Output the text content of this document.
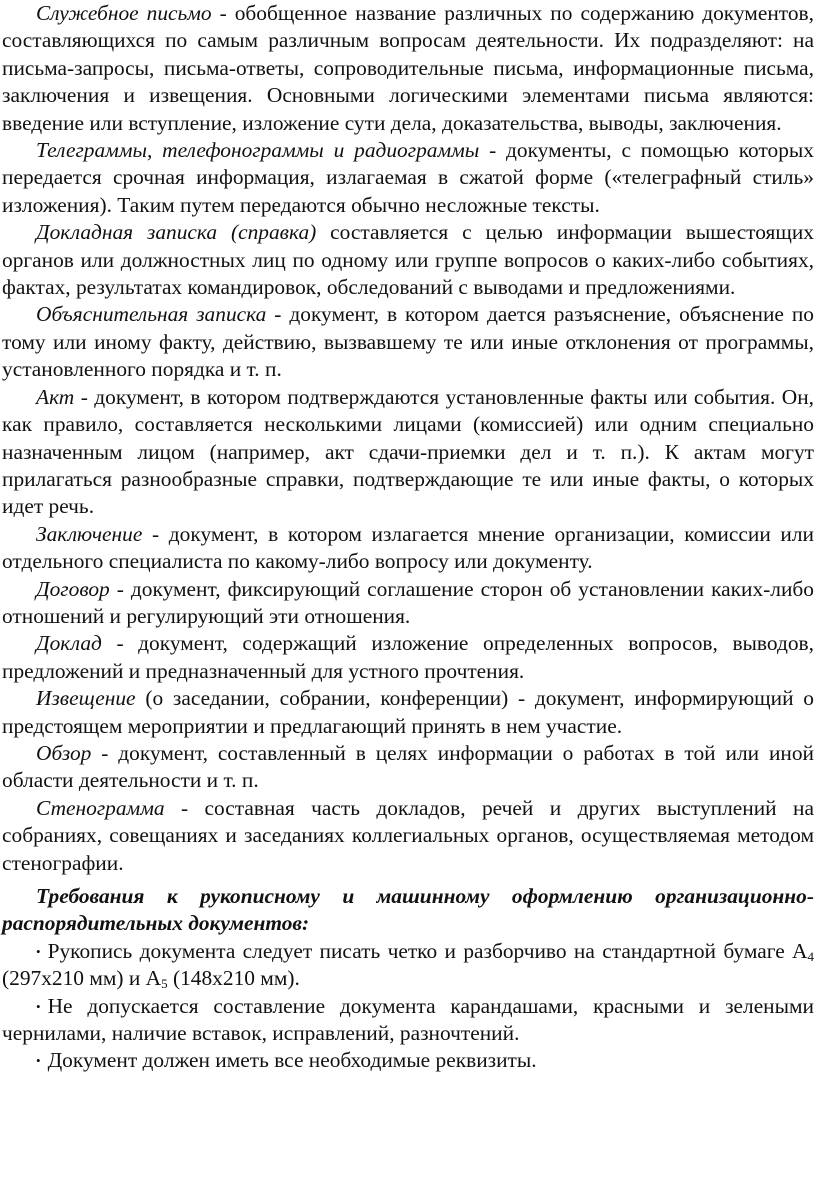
Служебное письмо - обобщенное название различных по содержанию документов, составляющихся по самым различным вопросам деятельности. Их подразделяют: на письма-запросы, письма-ответы, сопроводительные письма, информационные письма, заключения и извещения. Основными логическими элементами письма являются: введение или вступление, изложение сути дела, доказательства, выводы, заключения.

Телеграммы, телефонограммы и радиограммы - документы, с помощью которых передается срочная информация, излагаемая в сжатой форме («телеграфный стиль» изложения). Таким путем передаются обычно несложные тексты.

Докладная записка (справка) составляется с целью информации вышестоящих органов или должностных лиц по одному или группе вопросов о каких-либо событиях, фактах, результатах командировок, обследований с выводами и предложениями.

Объяснительная записка - документ, в котором дается разъяснение, объяснение по тому или иному факту, действию, вызвавшему те или иные отклонения от программы, установленного порядка и т. п.

Акт - документ, в котором подтверждаются установленные факты или события. Он, как правило, составляется несколькими лицами (комиссией) или одним специально назначенным лицом (например, акт сдачи-приемки дел и т. п.). К актам могут прилагаться разнообразные справки, подтверждающие те или иные факты, о которых идет речь.

Заключение - документ, в котором излагается мнение организации, комиссии или отдельного специалиста по какому-либо вопросу или документу.

Договор - документ, фиксирующий соглашение сторон об установлении каких-либо отношений и регулирующий эти отношения.

Доклад - документ, содержащий изложение определенных вопросов, выводов, предложений и предназначенный для устного прочтения.

Извещение (о заседании, собрании, конференции) - документ, информирующий о предстоящем мероприятии и предлагающий принять в нем участие.

Обзор - документ, составленный в целях информации о работах в той или иной области деятельности и т. п.

Стенограмма - составная часть докладов, речей и других выступлений на собраниях, совещаниях и заседаниях коллегиальных органов, осуществляемая методом стенографии.

Требования к рукописному и машинному оформлению организационно-распорядительных документов:

• Рукопись документа следует писать четко и разборчиво на стандартной бумаге $А_4$ (297х210 мм) и $А_5$ (148х210 мм).

• Не допускается составление документа карандашами, красными и зелеными чернилами, наличие вставок, исправлений, разночтений.

• Документ должен иметь все необходимые реквизиты.
